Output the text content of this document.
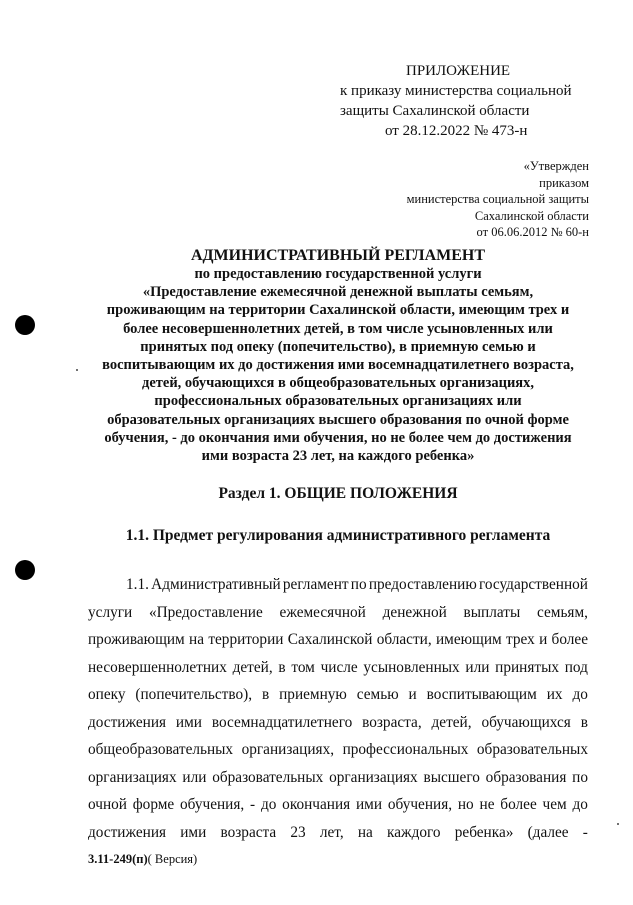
ПРИЛОЖЕНИЕ
к приказу министерства социальной
защиты Сахалинской области
от 28.12.2022 № 473-н
«Утвержден
приказом
министерства социальной защиты
Сахалинской области
от 06.06.2012 № 60-н
АДМИНИСТРАТИВНЫЙ РЕГЛАМЕНТ
по предоставлению государственной услуги
«Предоставление ежемесячной денежной выплаты семьям,
проживающим на территории Сахалинской области, имеющим трех и
более несовершеннолетних детей, в том числе усыновленных или
принятых под опеку (попечительство), в приемную семью и
воспитывающим их до достижения ими восемнадцатилетнего возраста,
детей, обучающихся в общеобразовательных организациях,
профессиональных образовательных организациях или
образовательных организациях высшего образования по очной форме
обучения, - до окончания ими обучения, но не более чем до достижения
ими возраста 23 лет, на каждого ребенка»
Раздел 1. ОБЩИЕ ПОЛОЖЕНИЯ
1.1. Предмет регулирования административного регламента
1.1. Административный регламент по предоставлению государственной
услуги «Предоставление ежемесячной денежной выплаты семьям,
проживающим на территории Сахалинской области, имеющим трех и более
несовершеннолетних детей, в том числе усыновленных или принятых под
опеку (попечительство), в приемную семью и воспитывающим их до
достижения ими восемнадцатилетнего возраста, детей, обучающихся в
общеобразовательных организациях, профессиональных образовательных
организациях или образовательных организациях высшего образования по
очной форме обучения, - до окончания ими обучения, но не более чем до
достижения ими возраста 23 лет, на каждого ребенка» (далее -
3.11-249(п)( Версия)
